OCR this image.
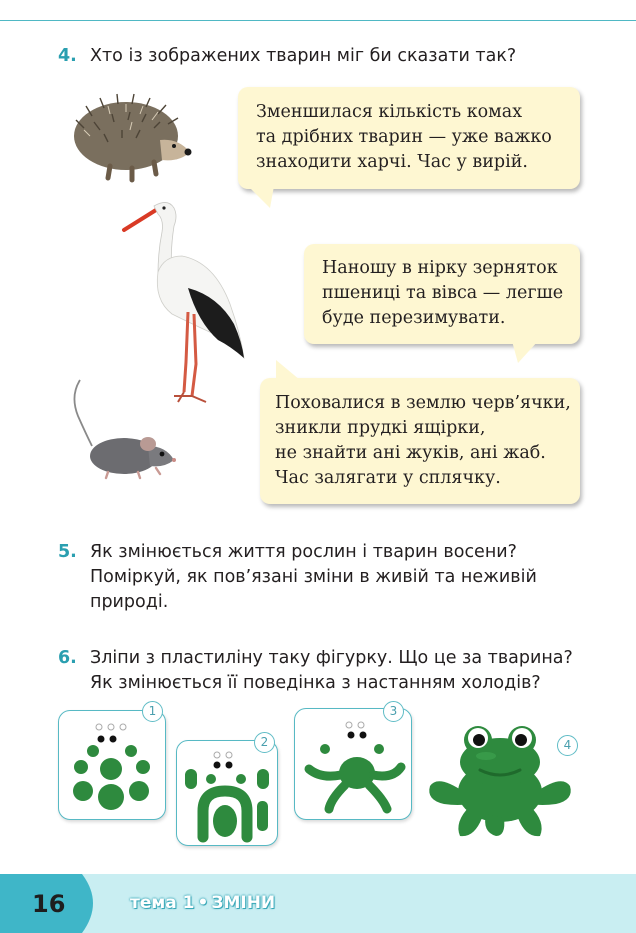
4. Хто із зображених тварин міг би сказати так?
Зменшилася кількість комах
та дрібних тварин — уже важко
знаходити харчі. Час у вирій.
Наношу в нірку зерняток
пшениці та вівса — легше
буде перезимувати.
Поховалися в землю черв’ячки,
зникли прудкі ящірки,
не знайти ані жуків, ані жаб.
Час залягати у сплячку.
5. Як змінюється життя рослин і тварин восени?
Поміркуй, як пов’язані зміни в живій та неживій
природі.
6. Зліпи з пластиліну таку фігурку. Що це за тварина?
Як змінюється її поведінка з настанням холодів?
1
2
3
4
16	тема 1 • ЗМІНИ
